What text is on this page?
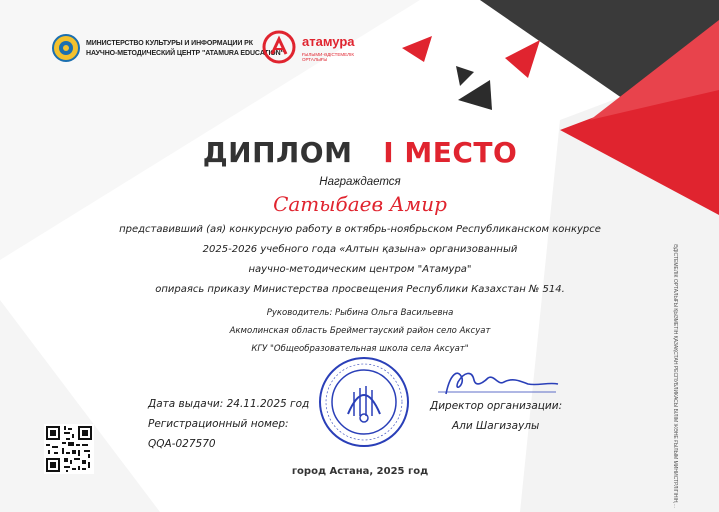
МИНИСТЕРСТВО КУЛЬТУРЫ И ИНФОРМАЦИИ РК
НАУЧНО-МЕТОДИЧЕСКИЙ ЦЕНТР "ATAMURA EDUCATION"
атамура
ҒЫЛЫМИ-ӘДІСТЕМЕЛІК ОРТАЛЫҒЫ
ДИПЛОМ I МЕСТО
Награждается
Сатыбаев Амир
представивший (ая) конкурсную работу в октябрь-ноябрьском Республиканском конкурсе
2025-2026 учебного года «Алтын қазына» организованный
научно-методическим центром "Атамура"
опираясь приказу Министерства просвещения Республики Казахстан № 514.
Руководитель: Рыбина Ольга Васильевна
Акмолинская область Бреймегтауский район село Аксуат
КГУ "Общеобразовательная школа села Аксуат"
Дата выдачи: 24.11.2025 год
Регистрационный номер:
QQA-027570
Директор организации:
Али Шагизаулы
город Астана, 2025 год	ӘДІСТЕМЕЛІК ОРТАЛЫҒЫ ҚЫЗМЕТІН ҚАЗАҚСТАН РЕСПУБЛИКАСЫ БІЛІМ ЖӘНЕ ҒЫЛЫМ МИНИСТРЛІГІНІҢ ...
